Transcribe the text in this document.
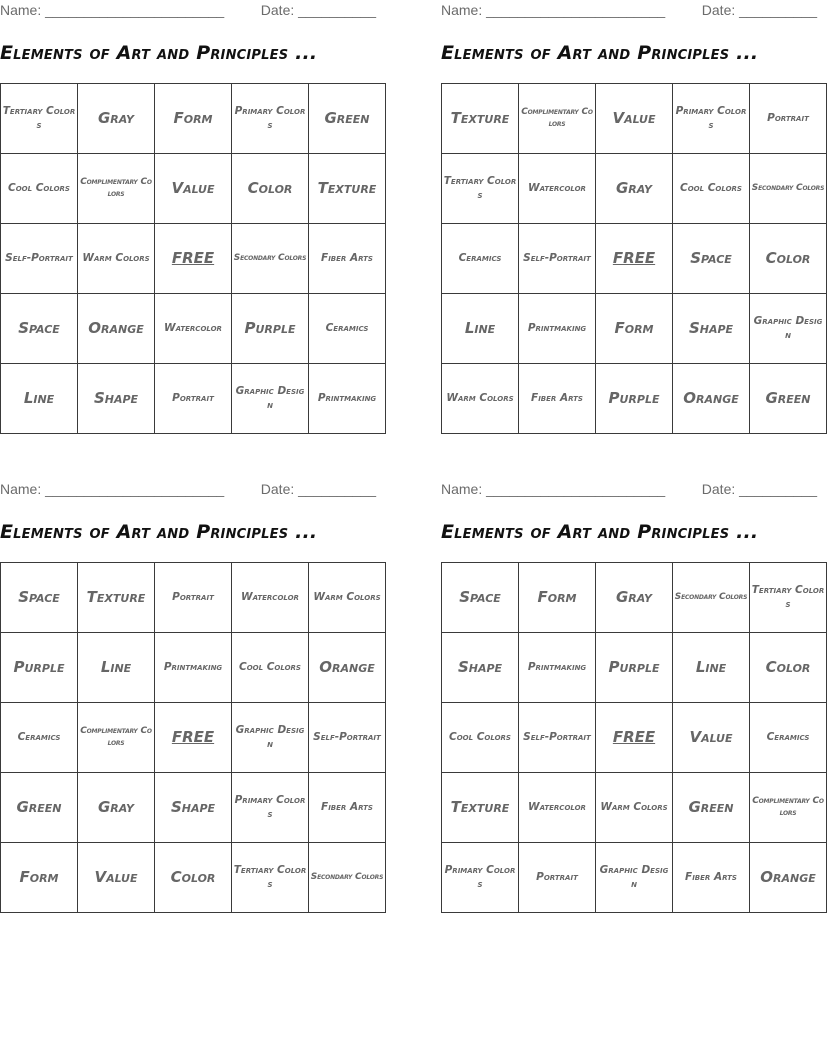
Name: _______________________	Date: __________
Elements of Art and Principles ...
Tertiary Colors	Gray	Form	Primary Colors	Green
Cool Colors	Complimentary Colors	Value	Color	Texture
Self-Portrait	Warm Colors	FREE	Secondary Colors	Fiber Arts
Space	Orange	Watercolor	Purple	Ceramics
Line	Shape	Portrait	Graphic Design	Printmaking
Name: _______________________	Date: __________
Elements of Art and Principles ...
Texture	Complimentary Colors	Value	Primary Colors	Portrait
Tertiary Colors	Watercolor	Gray	Cool Colors	Secondary Colors
Ceramics	Self-Portrait	FREE	Space	Color
Line	Printmaking	Form	Shape	Graphic Design
Warm Colors	Fiber Arts	Purple	Orange	Green
Name: _______________________	Date: __________
Elements of Art and Principles ...
Space	Texture	Portrait	Watercolor	Warm Colors
Purple	Line	Printmaking	Cool Colors	Orange
Ceramics	Complimentary Colors	FREE	Graphic Design	Self-Portrait
Green	Gray	Shape	Primary Colors	Fiber Arts
Form	Value	Color	Tertiary Colors	Secondary Colors
Name: _______________________	Date: __________
Elements of Art and Principles ...
Space	Form	Gray	Secondary Colors	Tertiary Colors
Shape	Printmaking	Purple	Line	Color
Cool Colors	Self-Portrait	FREE	Value	Ceramics
Texture	Watercolor	Warm Colors	Green	Complimentary Colors
Primary Colors	Portrait	Graphic Design	Fiber Arts	Orange
